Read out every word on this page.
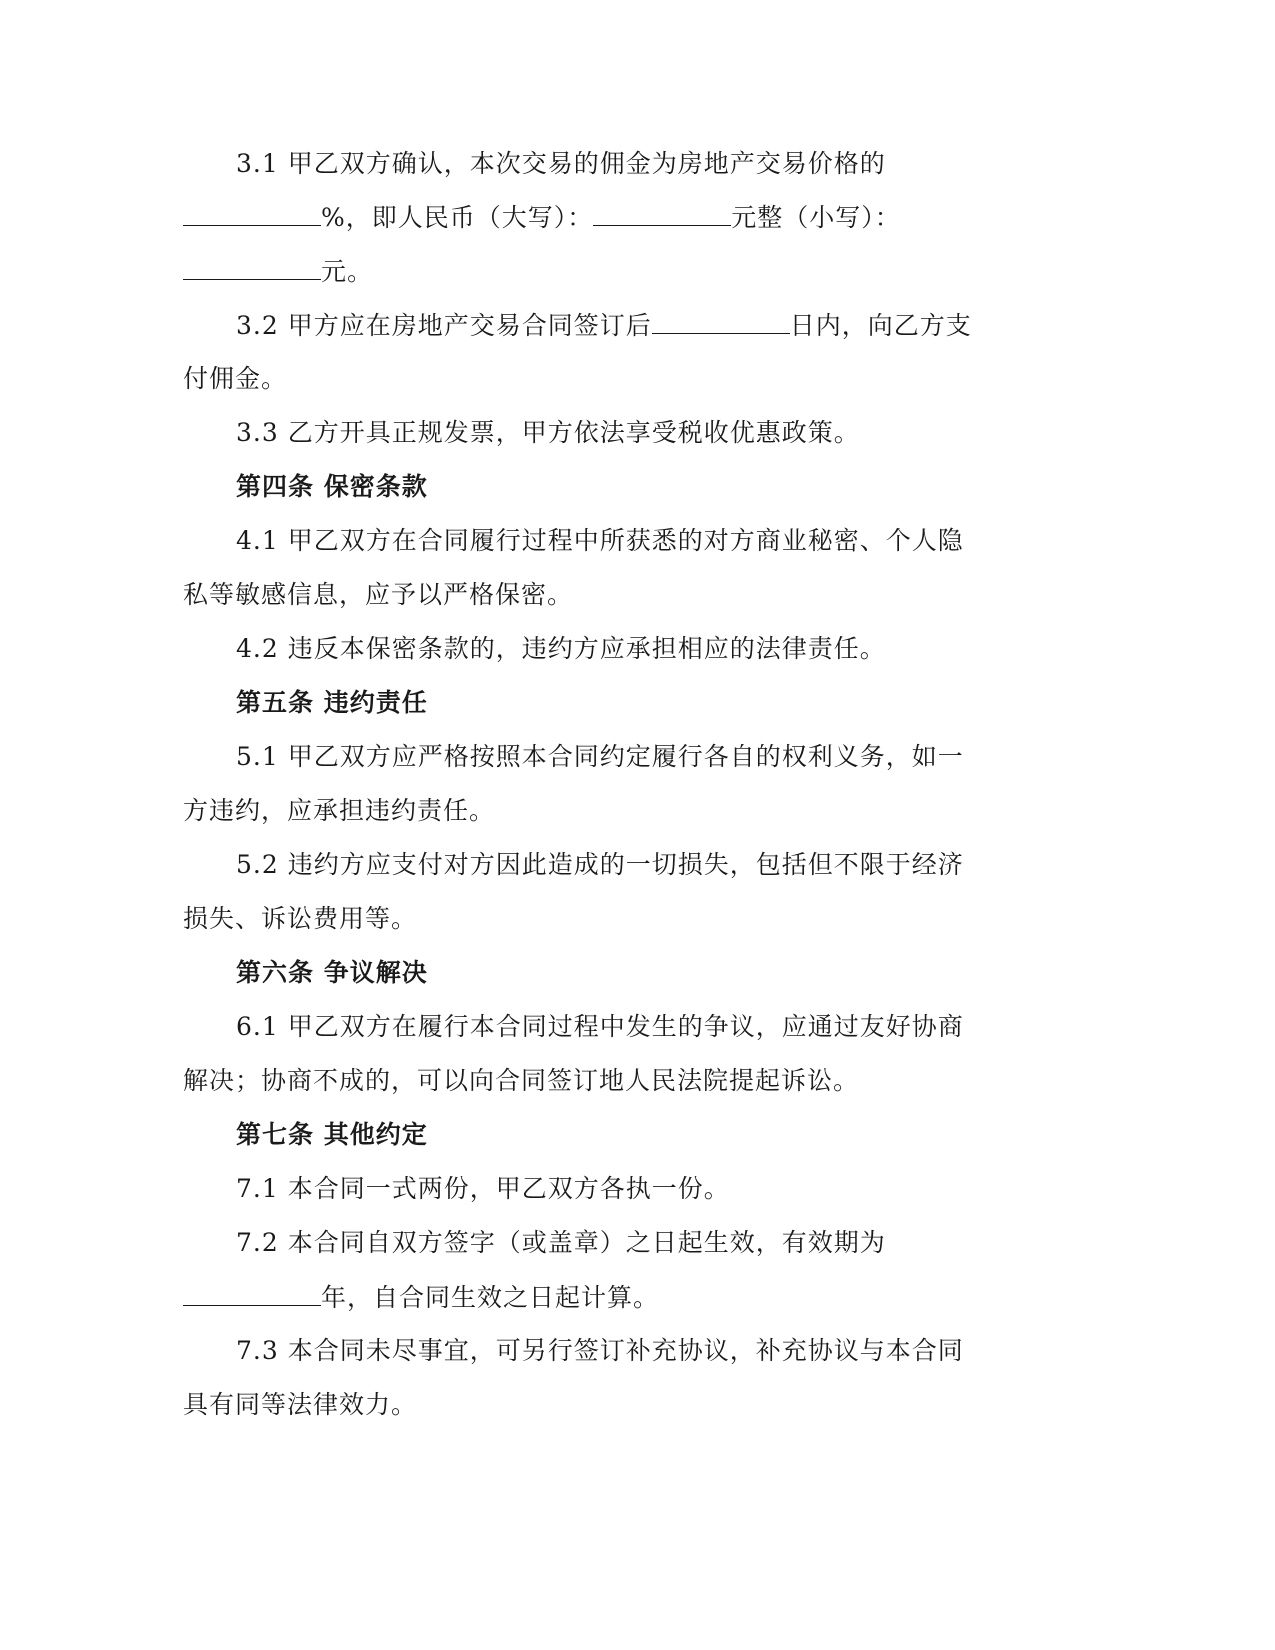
3.1 甲乙双方确认，本次交易的佣金为房地产交易价格的
%，即人民币（大写）：	元整（小写）：
元。
3.2 甲方应在房地产交易合同签订后	日内，向乙方支
付佣金。
3.3 乙方开具正规发票，甲方依法享受税收优惠政策。
第四条 保密条款
4.1 甲乙双方在合同履行过程中所获悉的对方商业秘密、个人隐
私等敏感信息，应予以严格保密。
4.2 违反本保密条款的，违约方应承担相应的法律责任。
第五条 违约责任
5.1 甲乙双方应严格按照本合同约定履行各自的权利义务，如一
方违约，应承担违约责任。
5.2 违约方应支付对方因此造成的一切损失，包括但不限于经济
损失、诉讼费用等。
第六条 争议解决
6.1 甲乙双方在履行本合同过程中发生的争议，应通过友好协商
解决；协商不成的，可以向合同签订地人民法院提起诉讼。
第七条 其他约定
7.1 本合同一式两份，甲乙双方各执一份。
7.2 本合同自双方签字（或盖章）之日起生效，有效期为
年，自合同生效之日起计算。
7.3 本合同未尽事宜，可另行签订补充协议，补充协议与本合同
具有同等法律效力。
